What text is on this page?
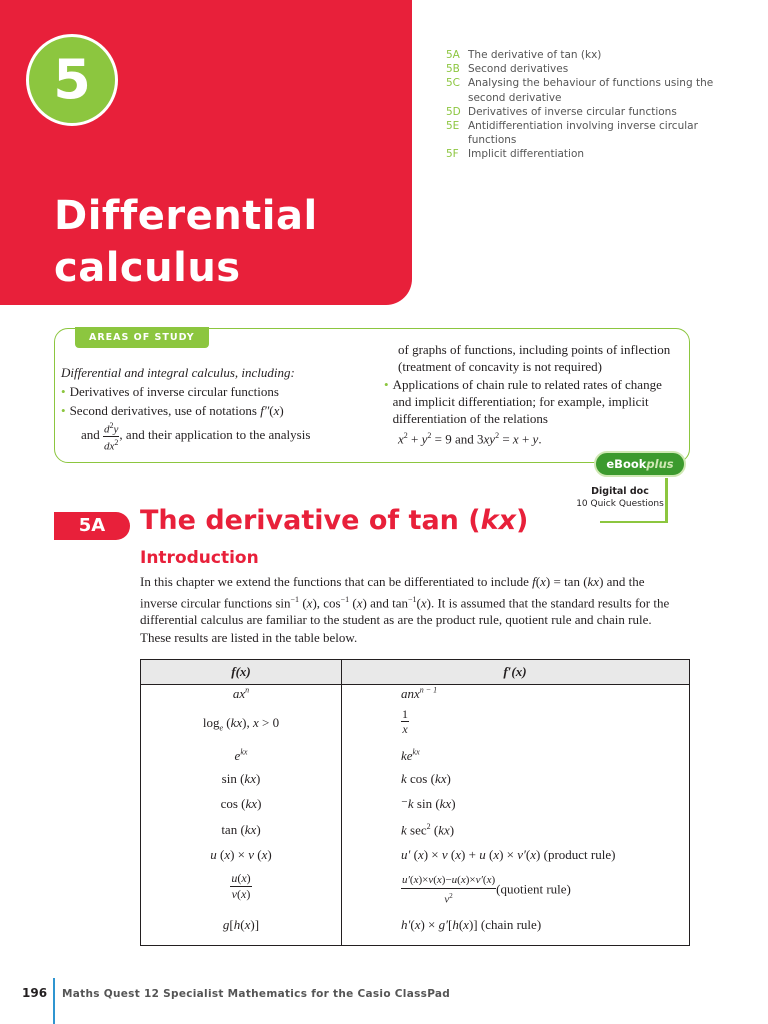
5
Differential
calculus
5A The derivative of tan (kx)
5B Second derivatives
5C Analysing the behaviour of functions using the second derivative
5D Derivatives of inverse circular functions
5E Antidifferentiation involving inverse circular functions
5F Implicit differentiation
AREAS OF STUDY
Differential and integral calculus, including:
• Derivatives of inverse circular functions
• Second derivatives, use of notations f″(x)
and $\frac{d^2y}{dx^2}$ , and their application to the analysis
of graphs of functions, including points of inflection (treatment of concavity is not required)
• Applications of chain rule to related rates of change and implicit differentiation; for example, implicit differentiation of the relations
$x^2 + y^2 = 9$ and $3xy^2 = x + y$.
eBookplus
Digital doc
10 Quick Questions
5A	The derivative of tan (kx)
Introduction
In this chapter we extend the functions that can be differentiated to include f(x) = tan (kx) and the inverse circular functions $\sin^{-1} (x)$, $\cos^{-1} (x)$ and $\tan^{-1}(x)$. It is assumed that the standard results for the differential calculus are familiar to the student as are the product rule, quotient rule and chain rule. These results are listed in the table below.
f(x)	f′(x)
$ax^n$	anx$^{n - 1}$
$\log_e (kx)$, x > 0	$\frac{1}{x}$
$e^{kx}$	$ke^{kx}$
sin (kx)	k cos (kx)
cos (kx)	⁻k sin (kx)
tan (kx)	k $\sec^2 (kx)$
u (x) × v (x)	u′ (x) × v (x) + u (x) × v′(x) (product rule)
$\frac{u(x)}{v(x)}$	$\frac{u'(x)\times v(x)-u(x)\times v'(x)}{v^2}$ (quotient rule)
g[h(x)]	h′(x) × g′[h(x)] (chain rule)
196 Maths Quest 12 Specialist Mathematics for the Casio ClassPad
